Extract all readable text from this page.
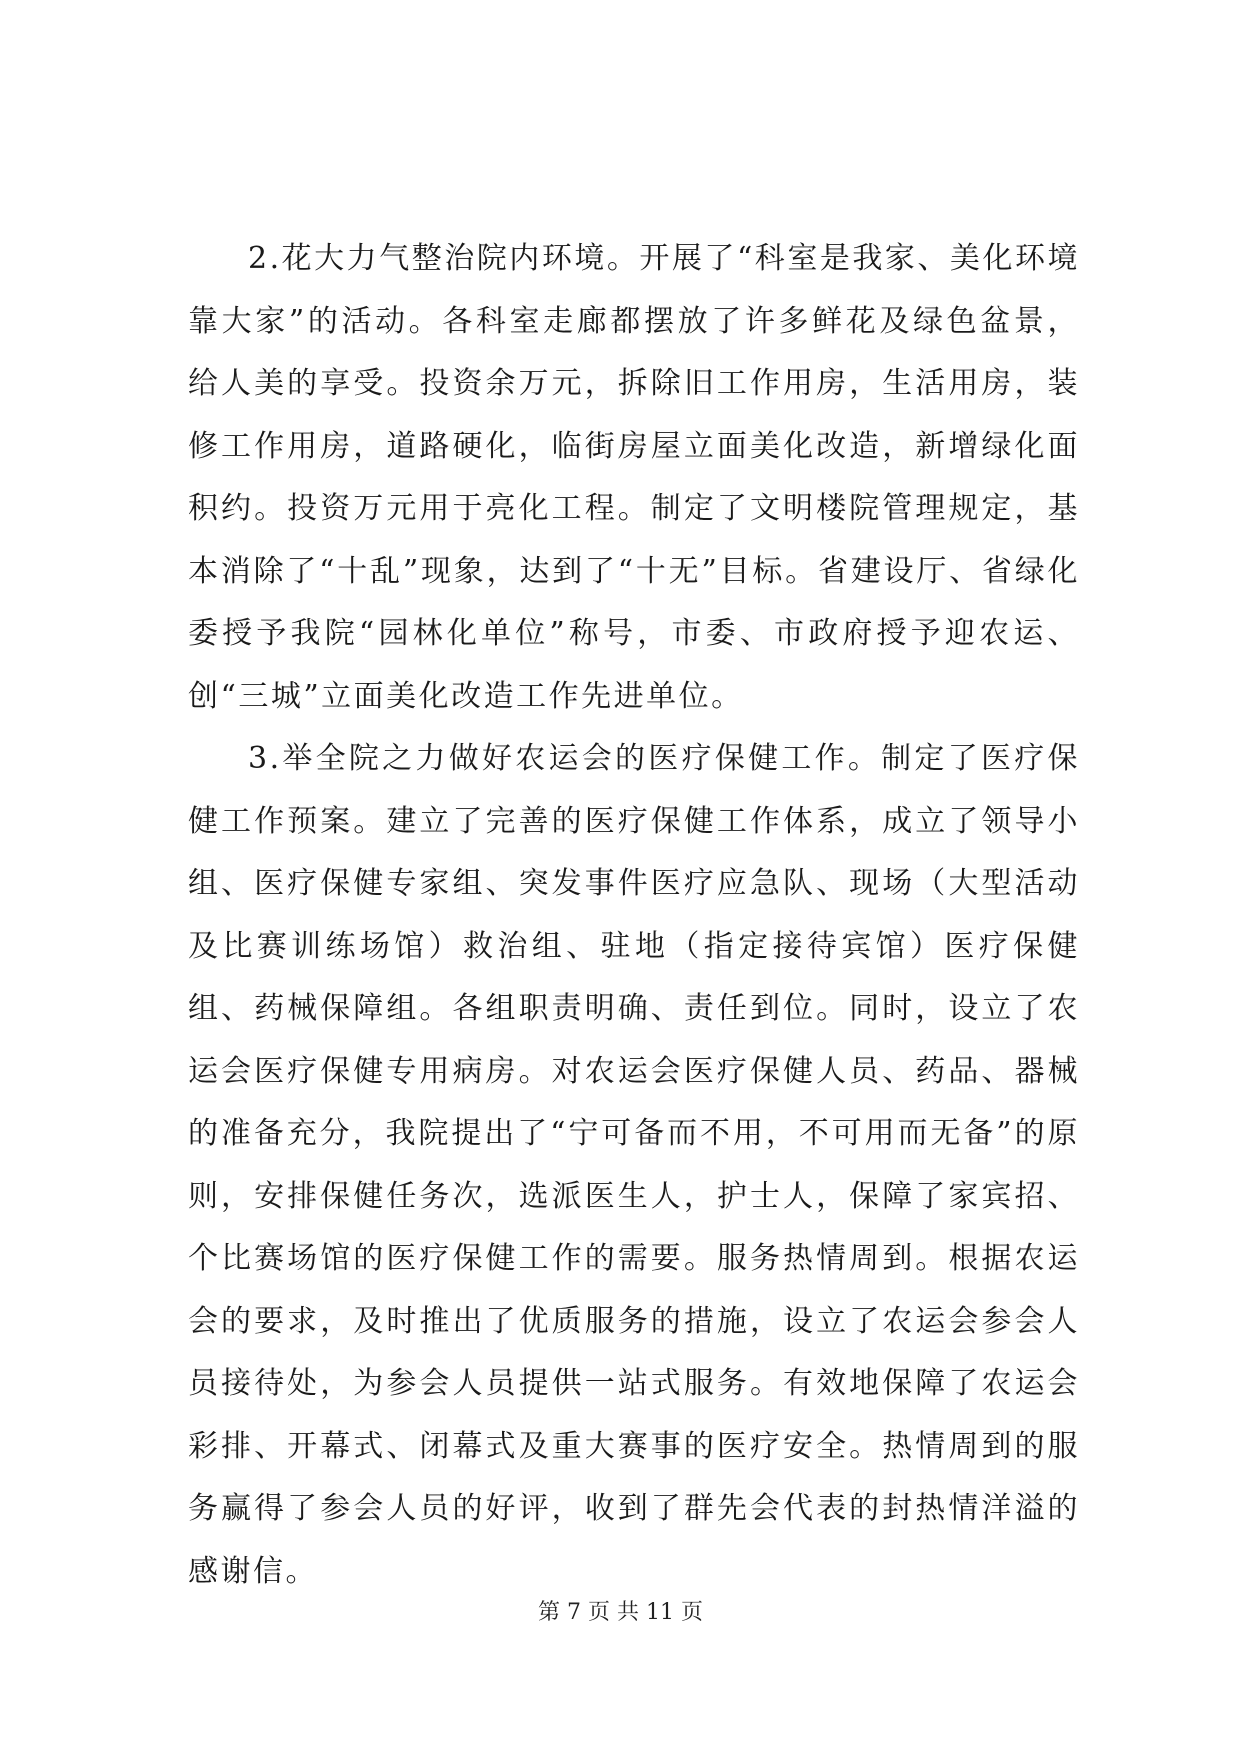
2.花大力气整治院内环境。开展了“科室是我家、美化环境靠大家”的活动。各科室走廊都摆放了许多鲜花及绿色盆景，给人美的享受。投资余万元，拆除旧工作用房，生活用房，装修工作用房，道路硬化，临街房屋立面美化改造，新增绿化面积约。投资万元用于亮化工程。制定了文明楼院管理规定，基本消除了“十乱”现象，达到了“十无”目标。省建设厅、省绿化委授予我院“园林化单位”称号，市委、市政府授予迎农运、创“三城”立面美化改造工作先进单位。

3.举全院之力做好农运会的医疗保健工作。制定了医疗保健工作预案。建立了完善的医疗保健工作体系，成立了领导小组、医疗保健专家组、突发事件医疗应急队、现场（大型活动及比赛训练场馆）救治组、驻地（指定接待宾馆）医疗保健组、药械保障组。各组职责明确、责任到位。同时，设立了农运会医疗保健专用病房。对农运会医疗保健人员、药品、器械的准备充分，我院提出了“宁可备而不用，不可用而无备”的原则，安排保健任务次，选派医生人，护士人，保障了家宾招、个比赛场馆的医疗保健工作的需要。服务热情周到。根据农运会的要求，及时推出了优质服务的措施，设立了农运会参会人员接待处，为参会人员提供一站式服务。有效地保障了农运会彩排、开幕式、闭幕式及重大赛事的医疗安全。热情周到的服务赢得了参会人员的好评，收到了群先会代表的封热情洋溢的感谢信。

第 7 页 共 11 页
